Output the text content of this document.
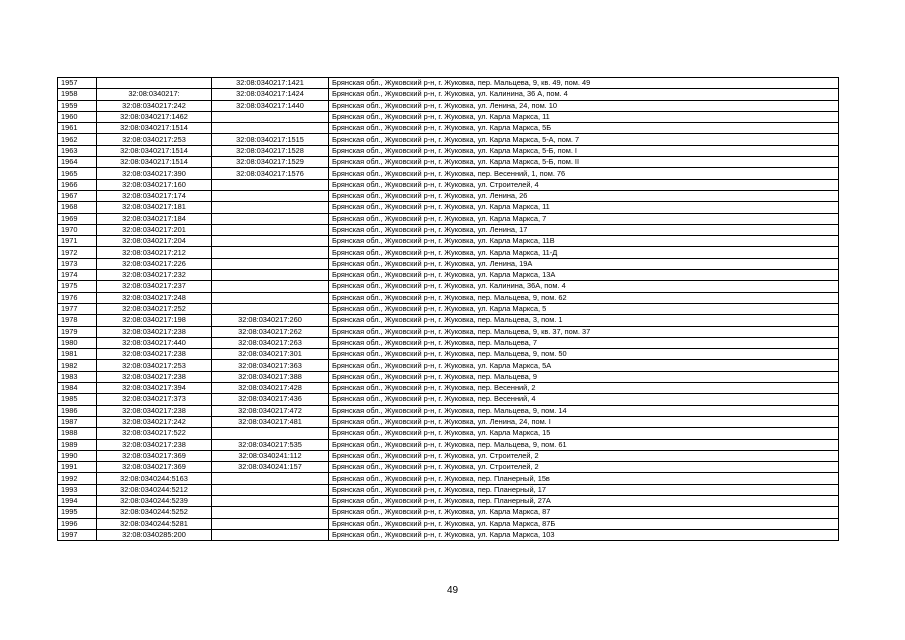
1957		32:08:0340217:1421	Брянская обл., Жуковский р-н, г. Жуковка, пер. Мальцева, 9, кв. 49, пом. 49
1958	32:08:0340217:	32:08:0340217:1424	Брянская обл., Жуковский р-н, г. Жуковка, ул. Калинина, 36 А, пом. 4
1959	32:08:0340217:242	32:08:0340217:1440	Брянская обл., Жуковский р-н, г. Жуковка, ул. Ленина, 24, пом. 10
1960	32:08:0340217:1462		Брянская обл., Жуковский р-н, г. Жуковка, ул. Карла Маркса, 11
1961	32:08:0340217:1514		Брянская обл., Жуковский р-н, г. Жуковка, ул. Карла Маркса, 5Б
1962	32:08:0340217:253	32:08:0340217:1515	Брянская обл., Жуковский р-н, г. Жуковка, ул. Карла Маркса, 5-А, пом. 7
1963	32:08:0340217:1514	32:08:0340217:1528	Брянская обл., Жуковский р-н, г. Жуковка, ул. Карла Маркса, 5-Б, пом. I
1964	32:08:0340217:1514	32:08:0340217:1529	Брянская обл., Жуковский р-н, г. Жуковка, ул. Карла Маркса, 5-Б, пом. II
1965	32:08:0340217:390	32:08:0340217:1576	Брянская обл., Жуковский р-н, г. Жуковка, пер. Весенний, 1, пом. 76
1966	32:08:0340217:160		Брянская обл., Жуковский р-н, г. Жуковка, ул. Строителей, 4
1967	32:08:0340217:174		Брянская обл., Жуковский р-н, г. Жуковка, ул. Ленина, 26
1968	32:08:0340217:181		Брянская обл., Жуковский р-н, г. Жуковка, ул. Карла Маркса, 11
1969	32:08:0340217:184		Брянская обл., Жуковский р-н, г. Жуковка, ул. Карла Маркса, 7
1970	32:08:0340217:201		Брянская обл., Жуковский р-н, г. Жуковка, ул. Ленина, 17
1971	32:08:0340217:204		Брянская обл., Жуковский р-н, г. Жуковка, ул. Карла Маркса, 11В
1972	32:08:0340217:212		Брянская обл., Жуковский р-н, г. Жуковка, ул. Карла Маркса, 11-Д
1973	32:08:0340217:226		Брянская обл., Жуковский р-н, г. Жуковка, ул. Ленина, 19А
1974	32:08:0340217:232		Брянская обл., Жуковский р-н, г. Жуковка, ул. Карла Маркса, 13А
1975	32:08:0340217:237		Брянская обл., Жуковский р-н, г. Жуковка, ул. Калинина, 36А, пом. 4
1976	32:08:0340217:248		Брянская обл., Жуковский р-н, г. Жуковка, пер. Мальцева, 9, пом. 62
1977	32:08:0340217:252		Брянская обл., Жуковский р-н, г. Жуковка, ул. Карла Маркса, 5
1978	32:08:0340217:198	32:08:0340217:260	Брянская обл., Жуковский р-н, г. Жуковка, пер. Мальцева, 3, пом. 1
1979	32:08:0340217:238	32:08:0340217:262	Брянская обл., Жуковский р-н, г. Жуковка, пер. Мальцева, 9, кв. 37, пом. 37
1980	32:08:0340217:440	32:08:0340217:263	Брянская обл., Жуковский р-н, г. Жуковка, пер. Мальцева, 7
1981	32:08:0340217:238	32:08:0340217:301	Брянская обл., Жуковский р-н, г. Жуковка, пер. Мальцева, 9, пом. 50
1982	32:08:0340217:253	32:08:0340217:363	Брянская обл., Жуковский р-н, г. Жуковка, ул. Карла Маркса, 5А
1983	32:08:0340217:238	32:08:0340217:388	Брянская обл., Жуковский р-н, г. Жуковка, пер. Мальцева, 9
1984	32:08:0340217:394	32:08:0340217:428	Брянская обл., Жуковский р-н, г. Жуковка, пер. Весенний, 2
1985	32:08:0340217:373	32:08:0340217:436	Брянская обл., Жуковский р-н, г. Жуковка, пер. Весенний, 4
1986	32:08:0340217:238	32:08:0340217:472	Брянская обл., Жуковский р-н, г. Жуковка, пер. Мальцева, 9, пом. 14
1987	32:08:0340217:242	32:08:0340217:481	Брянская обл., Жуковский р-н, г. Жуковка, ул. Ленина, 24, пом. I
1988	32:08:0340217:522		Брянская обл., Жуковский р-н, г. Жуковка, ул. Карла Маркса, 15
1989	32:08:0340217:238	32:08:0340217:535	Брянская обл., Жуковский р-н, г. Жуковка, пер. Мальцева, 9, пом. 61
1990	32:08:0340217:369	32:08:0340241:112	Брянская обл., Жуковский р-н, г. Жуковка, ул. Строителей, 2
1991	32:08:0340217:369	32:08:0340241:157	Брянская обл., Жуковский р-н, г. Жуковка, ул. Строителей, 2
1992	32:08:0340244:5163		Брянская обл., Жуковский р-н, г. Жуковка, пер. Планерный, 15в
1993	32:08:0340244:5212		Брянская обл., Жуковский р-н, г. Жуковка, пер. Планерный, 17
1994	32:08:0340244:5239		Брянская обл., Жуковский р-н, г. Жуковка, пер. Планерный, 27А
1995	32:08:0340244:5252		Брянская обл., Жуковский р-н, г. Жуковка, ул. Карла Маркса, 87
1996	32:08:0340244:5281		Брянская обл., Жуковский р-н, г. Жуковка, ул. Карла Маркса, 87Б
1997	32:08:0340285:200		Брянская обл., Жуковский р-н, г. Жуковка, ул. Карла Маркса, 103
49
